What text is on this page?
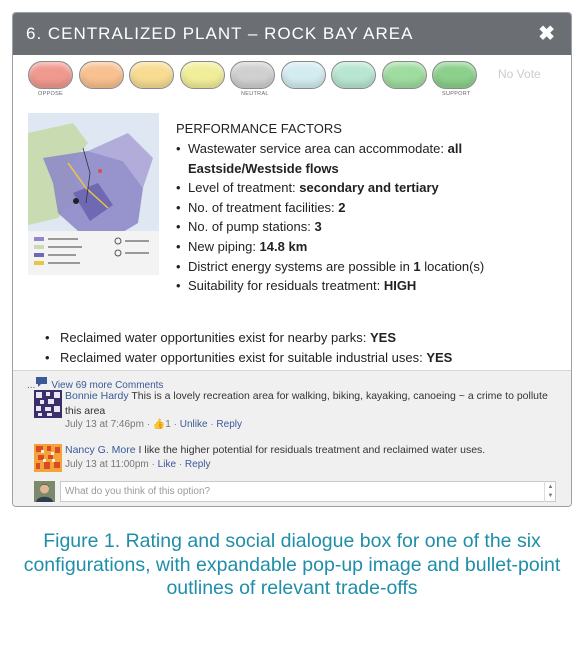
6. CENTRALIZED PLANT – ROCK BAY AREA	✖
No Vote
OPPOSE	NEUTRAL	SUPPORT
PERFORMANCE FACTORS
• Wastewater service area can accommodate: all Eastside/Westside flows
• Level of treatment: secondary and tertiary
• No. of treatment facilities: 2
• No. of pump stations: 3
• New piping: 14.8 km
• District energy systems are possible in 1 location(s)
• Suitability for residuals treatment: HIGH
• Reclaimed water opportunities exist for nearby parks: YES
• Reclaimed water opportunities exist for suitable industrial uses: YES
... View 69 more Comments
Bonnie Hardy This is a lovely recreation area for walking, biking, kayaking, canoeing ~ a crime to pollute this area
July 13 at 7:46pm · 👍1 · Unlike · Reply
Nancy G. More I like the higher potential for residuals treatment and reclaimed water uses.
July 13 at 11:00pm · Like · Reply
What do you think of this option?	▲
▼
Figure 1. Rating and social dialogue box for one of the six configurations, with expandable pop-up image and bullet-point outlines of relevant trade-offs
